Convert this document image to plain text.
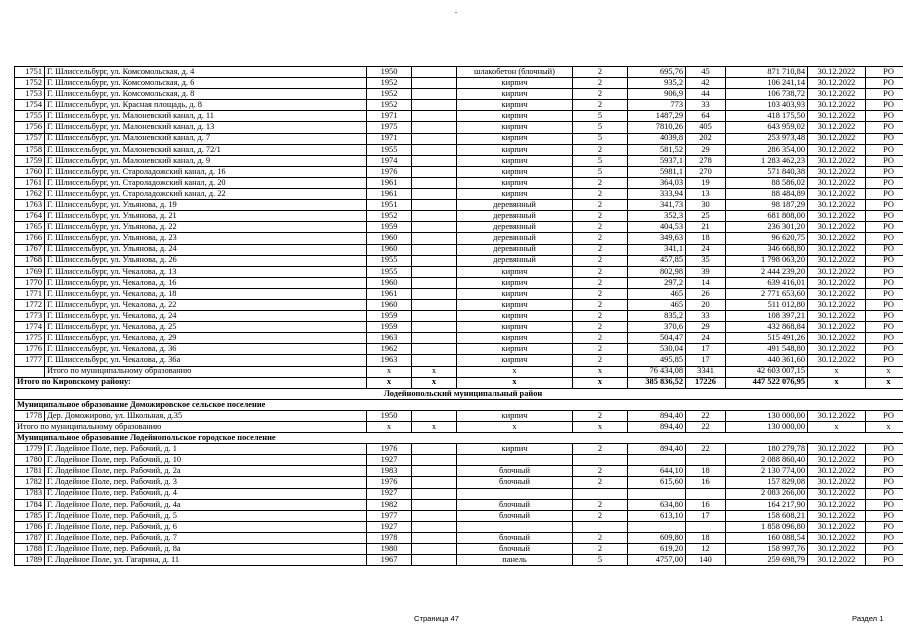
1751	Г. Шлиссельбург, ул. Комсомольская, д. 4	1950		шлакобетон (блочный)	2	695,76	45	871 710,84	30.12.2022	РО
1752	Г. Шлиссельбург, ул. Комсомольская, д. 6	1952		кирпич	2	935,2	42	106 241,14	30.12.2022	РО
1753	Г. Шлиссельбург, ул. Комсомольская, д. 8	1952		кирпич	2	906,9	44	106 738,72	30.12.2022	РО
1754	Г. Шлиссельбург, ул. Красная площадь, д. 8	1952		кирпич	2	773	33	103 403,93	30.12.2022	РО
1755	Г. Шлиссельбург, ул. Малоневский канал, д. 11	1971		кирпич	5	1487,29	64	418 175,50	30.12.2022	РО
1756	Г. Шлиссельбург, ул. Малоневский канал, д. 13	1975		кирпич	5	7810,26	405	643 959,02	30.12.2022	РО
1757	Г. Шлиссельбург, ул. Малоневский канал, д. 7	1971		кирпич	5	4039,8	202	253 973,48	30.12.2022	РО
1758	Г. Шлиссельбург, ул. Малоневский канал, д. 72/1	1955		кирпич	2	581,52	29	286 354,00	30.12.2022	РО
1759	Г. Шлиссельбург, ул. Малоневский канал, д. 9	1974		кирпич	5	5937,1	278	1 283 462,23	30.12.2022	РО
1760	Г. Шлиссельбург, ул. Староладожский канал, д. 16	1976		кирпич	5	5981,1	270	571 840,38	30.12.2022	РО
1761	Г. Шлиссельбург, ул. Староладожский канал, д. 20	1961		кирпич	2	364,03	19	88 586,02	30.12.2022	РО
1762	Г. Шлиссельбург, ул. Староладожский канал, д. 22	1961		кирпич	2	333,94	13	88 484,89	30.12.2022	РО
1763	Г. Шлиссельбург, ул. Ульянова, д. 19	1951		деревянный	2	341,73	30	98 187,29	30.12.2022	РО
1764	Г. Шлиссельбург, ул. Ульянова, д. 21	1952		деревянный	2	352,3	25	681 808,00	30.12.2022	РО
1765	Г. Шлиссельбург, ул. Ульянова, д. 22	1959		деревянный	2	404,53	21	236 301,20	30.12.2022	РО
1766	Г. Шлиссельбург, ул. Ульянова, д. 23	1960		деревянный	2	349,63	18	96 620,75	30.12.2022	РО
1767	Г. Шлиссельбург, ул. Ульянова, д. 24	1960		деревянный	2	341,1	24	346 668,80	30.12.2022	РО
1768	Г. Шлиссельбург, ул. Ульянова, д. 26	1955		деревянный	2	457,85	35	1 798 063,20	30.12.2022	РО
1769	Г. Шлиссельбург, ул. Чекалова, д. 13	1955		кирпич	2	802,98	39	2 444 239,20	30.12.2022	РО
1770	Г. Шлиссельбург, ул. Чекалова, д. 16	1960		кирпич	2	297,2	14	639 416,01	30.12.2022	РО
1771	Г. Шлиссельбург, ул. Чекалова, д. 18	1961		кирпич	2	465	26	2 771 653,60	30.12.2022	РО
1772	Г. Шлиссельбург, ул. Чекалова, д. 22	1960		кирпич	2	465	20	511 012,80	30.12.2022	РО
1773	Г. Шлиссельбург, ул. Чекалова, д. 24	1959		кирпич	2	835,2	33	108 397,21	30.12.2022	РО
1774	Г. Шлиссельбург, ул. Чекалова, д. 25	1959		кирпич	2	370,6	29	432 868,84	30.12.2022	РО
1775	Г. Шлиссельбург, ул. Чекалова, д. 29	1963		кирпич	2	504,47	24	515 491,26	30.12.2022	РО
1776	Г. Шлиссельбург, ул. Чекалова, д. 36	1962		кирпич	2	530,04	17	491 548,80	30.12.2022	РО
1777	Г. Шлиссельбург, ул. Чекалова, д. 36а	1963		кирпич	2	495,85	17	440 361,60	30.12.2022	РО
	Итого по муниципальному образованию	x	x	x	x	76 434,08	3341	42 603 007,15	x	x
Итого по Кировскому району:		x	x	x	x	385 836,52	17226	447 522 076,95	x	x
Лодейнопольский муниципальный район										
Муниципальное образование Доможировское сельское поселение										
1778	Дер. Доможирово, ул. Школьная, д.35	1950		кирпич	2	894,40	22	130 000,00	30.12.2022	РО
Итого по муниципальному образованию		x	x	x	x	894,40	22	130 000,00	x	x
Муниципальное образование Лодейнопольское городское поселение										
1779	Г. Лодейное Поле, пер. Рабочий, д. 1	1976		кирпич	2	894,40	22	180 279,78	30.12.2022	РО
1780	Г. Лодейное Поле, пер. Рабочий, д. 10	1927						2 088 860,40	30.12.2022	РО
1781	Г. Лодейное Поле, пер. Рабочий, д. 2а	1983		блочный	2	644,10	18	2 130 774,00	30.12.2022	РО
1782	Г. Лодейное Поле, пер. Рабочий, д. 3	1976		блочный	2	615,60	16	157 829,08	30.12.2022	РО
1783	Г. Лодейное Поле, пер. Рабочий, д. 4	1927						2 083 266,00	30.12.2022	РО
1784	Г. Лодейное Поле, пер. Рабочий, д. 4а	1982		блочный	2	634,80	16	164 217,90	30.12.2022	РО
1785	Г. Лодейное Поле, пер. Рабочий, д. 5	1977		блочный	2	613,10	17	158 608,21	30.12.2022	РО
1786	Г. Лодейное Поле, пер. Рабочий, д. 6	1927						1 858 096,80	30.12.2022	РО
1787	Г. Лодейное Поле, пер. Рабочий, д. 7	1978		блочный	2	609,80	18	160 088,54	30.12.2022	РО
1788	Г. Лодейное Поле, пер. Рабочий, д. 8а	1980		блочный	2	619,20	12	158 997,76	30.12.2022	РО
1789	Г. Лодейное Поле, ул. Гагарина, д. 11	1967		панель	5	4757,00	140	259 698,79	30.12.2022	РО
Страница 47	Раздел 1
